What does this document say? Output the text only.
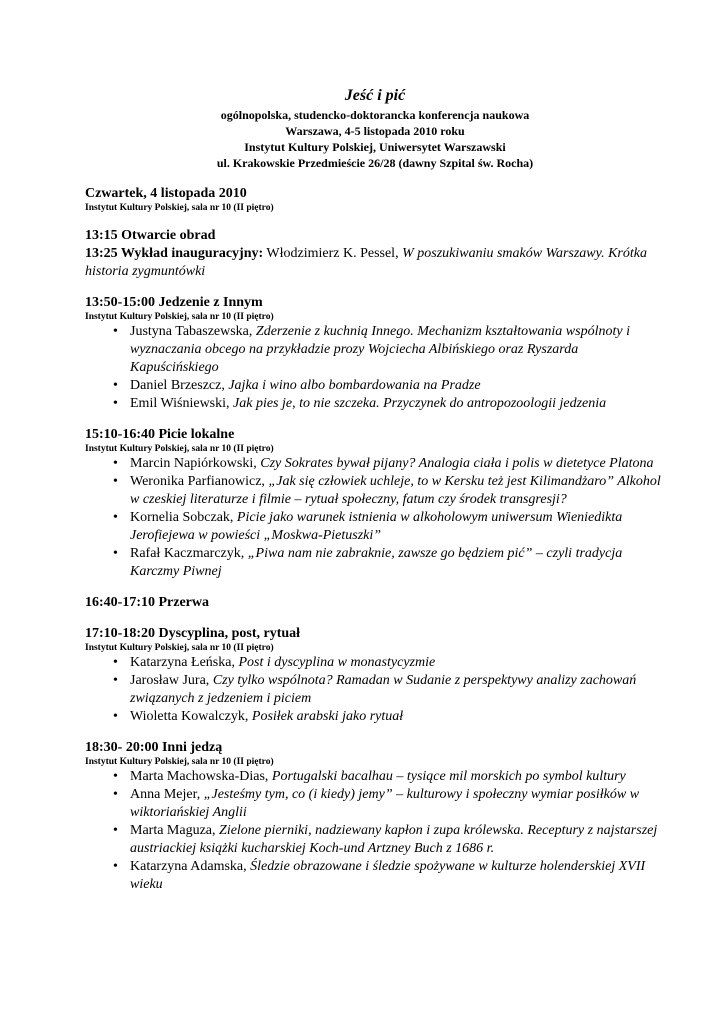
Jeść i pić
ogólnopolska, studencko-doktorancka konferencja naukowa
Warszawa, 4-5 listopada 2010 roku
Instytut Kultury Polskiej, Uniwersytet Warszawski
ul. Krakowskie Przedmieście 26/28 (dawny Szpital św. Rocha)
Czwartek, 4 listopada 2010
Instytut Kultury Polskiej, sala nr 10 (II piętro)
13:15 Otwarcie obrad
13:25 Wykład inauguracyjny: Włodzimierz K. Pessel, W poszukiwaniu smaków Warszawy. Krótka historia zygmuntówki
13:50-15:00 Jedzenie z Innym
Instytut Kultury Polskiej, sala nr 10 (II piętro)
• Justyna Tabaszewska, Zderzenie z kuchnią Innego. Mechanizm kształtowania wspólnoty i wyznaczania obcego na przykładzie prozy Wojciecha Albińskiego oraz Ryszarda Kapuścińskiego
• Daniel Brzeszcz, Jajka i wino albo bombardowania na Pradze
• Emil Wiśniewski, Jak pies je, to nie szczeka. Przyczynek do antropozoologii jedzenia
15:10-16:40 Picie lokalne
Instytut Kultury Polskiej, sala nr 10 (II piętro)
• Marcin Napiórkowski, Czy Sokrates bywał pijany? Analogia ciała i polis w dietetyce Platona
• Weronika Parfianowicz, „Jak się człowiek uchleje, to w Kersku też jest Kilimandżaro” Alkohol w czeskiej literaturze i filmie – rytuał społeczny, fatum czy środek transgresji?
• Kornelia Sobczak, Picie jako warunek istnienia w alkoholowym uniwersum Wieniedikta Jerofiejewa w powieści „Moskwa-Pietuszki”
• Rafał Kaczmarczyk, „Piwa nam nie zabraknie, zawsze go będziem pić” – czyli tradycja Karczmy Piwnej
16:40-17:10 Przerwa
17:10-18:20 Dyscyplina, post, rytuał
Instytut Kultury Polskiej, sala nr 10 (II piętro)
• Katarzyna Łeńska, Post i dyscyplina w monastycyzmie
• Jarosław Jura, Czy tylko wspólnota? Ramadan w Sudanie z perspektywy analizy zachowań związanych z jedzeniem i piciem
• Wioletta Kowalczyk, Posiłek arabski jako rytuał
18:30- 20:00 Inni jedzą
Instytut Kultury Polskiej, sala nr 10 (II piętro)
• Marta Machowska-Dias, Portugalski bacalhau – tysiące mil morskich po symbol kultury
• Anna Mejer, „Jesteśmy tym, co (i kiedy) jemy” – kulturowy i społeczny wymiar posiłków w wiktoriańskiej Anglii
• Marta Maguza, Zielone pierniki, nadziewany kapłon i zupa królewska. Receptury z najstarszej austriackiej książki kucharskiej Koch-und Artzney Buch z 1686 r.
• Katarzyna Adamska, Śledzie obrazowane i śledzie spożywane w kulturze holenderskiej XVII wieku
